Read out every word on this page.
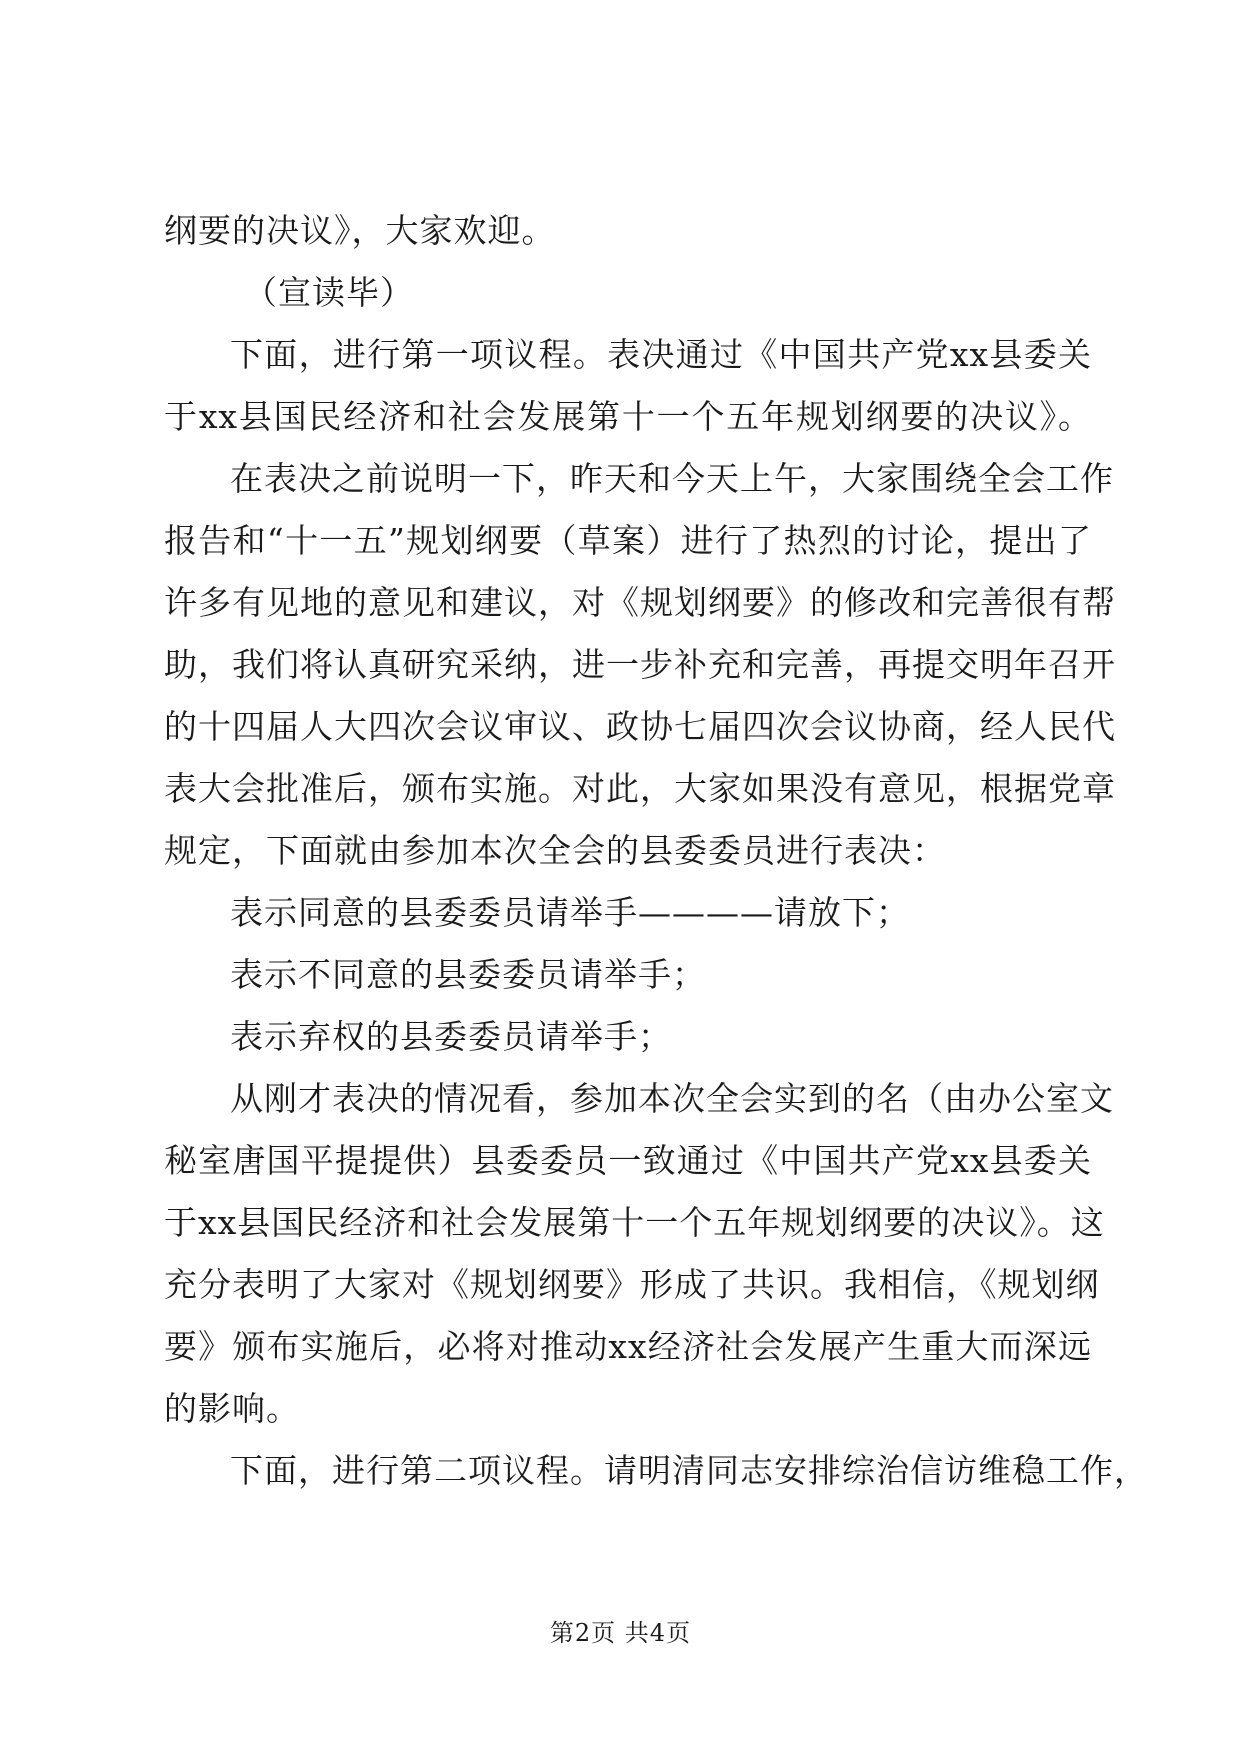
纲要的决议》，大家欢迎。
（宣读毕）
下面，进行第一项议程。表决通过《中国共产党xx县委关
于xx县国民经济和社会发展第十一个五年规划纲要的决议》。
在表决之前说明一下，昨天和今天上午，大家围绕全会工作
报告和“十一五”规划纲要（草案）进行了热烈的讨论，提出了
许多有见地的意见和建议，对《规划纲要》的修改和完善很有帮
助，我们将认真研究采纳，进一步补充和完善，再提交明年召开
的十四届人大四次会议审议、政协七届四次会议协商，经人民代
表大会批准后，颁布实施。对此，大家如果没有意见，根据党章
规定，下面就由参加本次全会的县委委员进行表决：
表示同意的县委委员请举手————请放下；
表示不同意的县委委员请举手；
表示弃权的县委委员请举手；
从刚才表决的情况看，参加本次全会实到的名（由办公室文
秘室唐国平提提供）县委委员一致通过《中国共产党xx县委关
于xx县国民经济和社会发展第十一个五年规划纲要的决议》。这
充分表明了大家对《规划纲要》形成了共识。我相信，《规划纲
要》颁布实施后，必将对推动xx经济社会发展产生重大而深远
的影响。
下面，进行第二项议程。请明清同志安排综治信访维稳工作，
第2页 共4页
